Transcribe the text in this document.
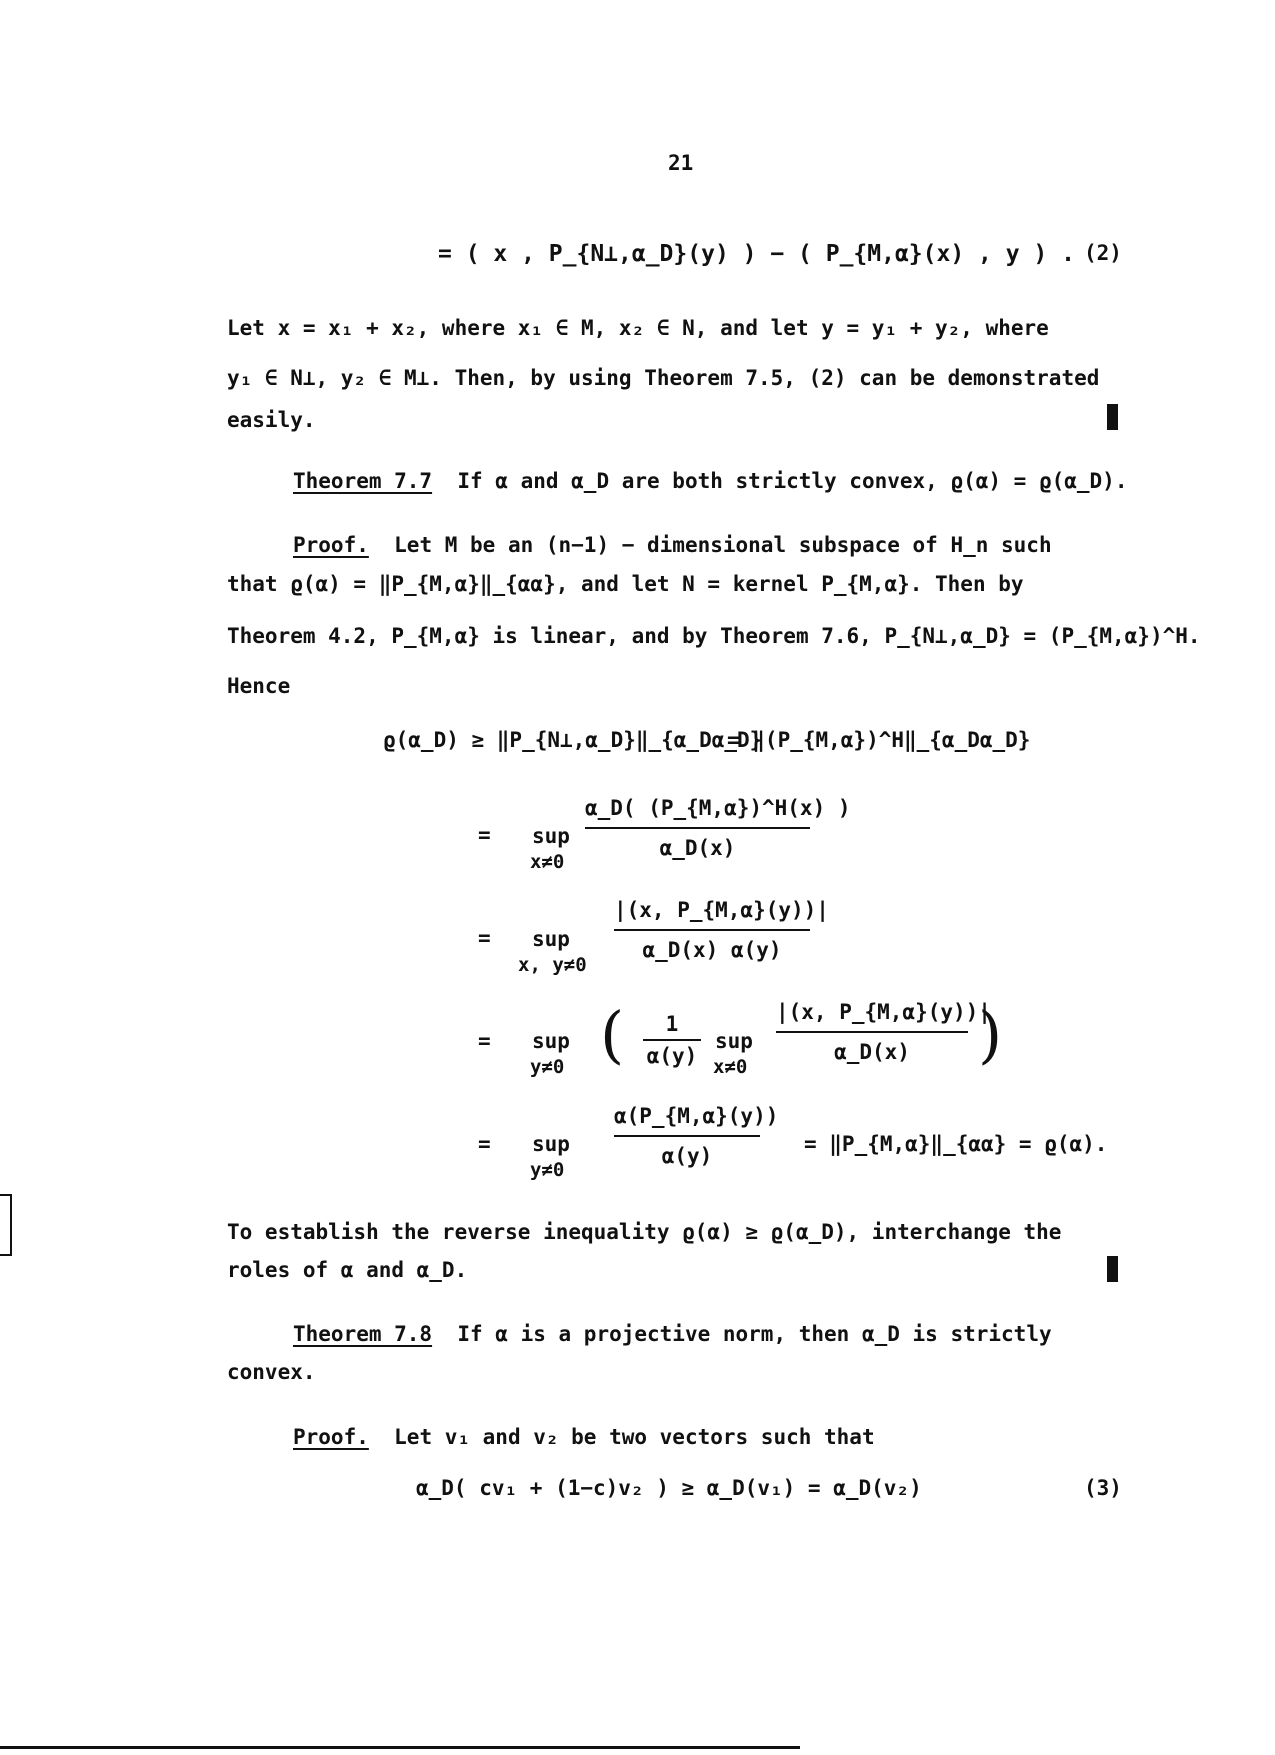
21
= ( x , P_{N⊥,α_D}(y) ) − ( P_{M,α}(x) , y ) . (2)
Let x = x₁ + x₂, where x₁ ∈ M, x₂ ∈ N, and let y = y₁ + y₂, where
y₁ ∈ N⊥, y₂ ∈ M⊥. Then, by using Theorem 7.5, (2) can be demonstrated
easily.
Theorem 7.7 If α and α_D are both strictly convex, ϱ(α) = ϱ(α_D).
Proof. Let M be an (n−1) − dimensional subspace of H_n such
that ϱ(α) = ‖P_{M,α}‖_{αα}, and let N = kernel P_{M,α}. Then by
Theorem 4.2, P_{M,α} is linear, and by Theorem 7.6, P_{N⊥,α_D} = (P_{M,α})^H.
Hence
ϱ(α_D) ≥ ‖P_{N⊥,α_D}‖_{α_Dα_D}
= ‖(P_{M,α})^H‖_{α_Dα_D}
= sup
x≠0
α_D( (P_{M,α})^H(x) )
α_D(x)
= sup
x, y≠0
|(x, P_{M,α}(y))|
α_D(x) α(y)
= sup
y≠0 (	1
α(y)
sup
x≠0
|(x, P_{M,α}(y))|
α_D(x)	)
= sup
y≠0
α(P_{M,α}(y))
α(y)	= ‖P_{M,α}‖_{αα} = ϱ(α).
To establish the reverse inequality ϱ(α) ≥ ϱ(α_D), interchange the
roles of α and α_D.
Theorem 7.8 If α is a projective norm, then α_D is strictly
convex.
Proof. Let v₁ and v₂ be two vectors such that
α_D( cv₁ + (1−c)v₂ ) ≥ α_D(v₁) = α_D(v₂)	(3)
